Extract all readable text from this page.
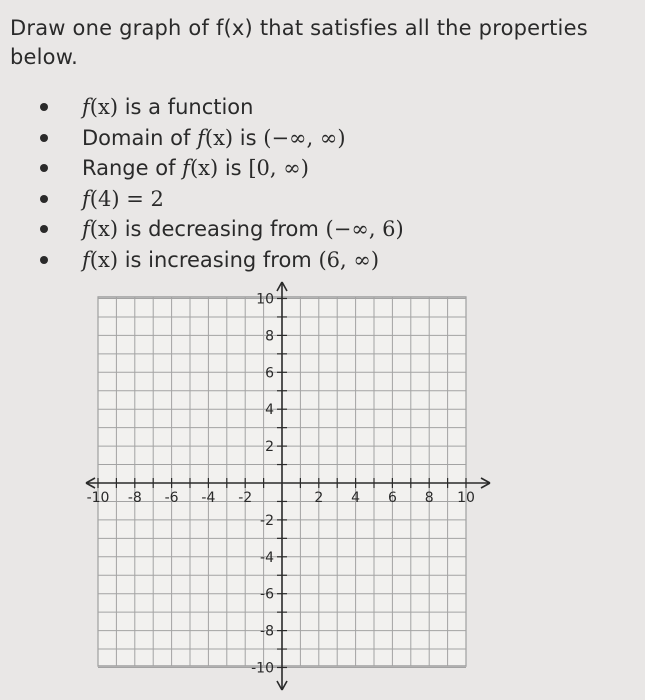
Draw one graph of f(x) that satisfies all the properties below.
f(x) is a function
Domain of f(x) is (−∞, ∞)
Range of f(x) is [0, ∞)
f(4) = 2
f(x) is decreasing from (−∞, 6)
f(x) is increasing from (6, ∞)
-10 -8 -6 -4 -2	2 4 6 8 10
10
8
6
4
2
-2
-4
-6
-8
-10
